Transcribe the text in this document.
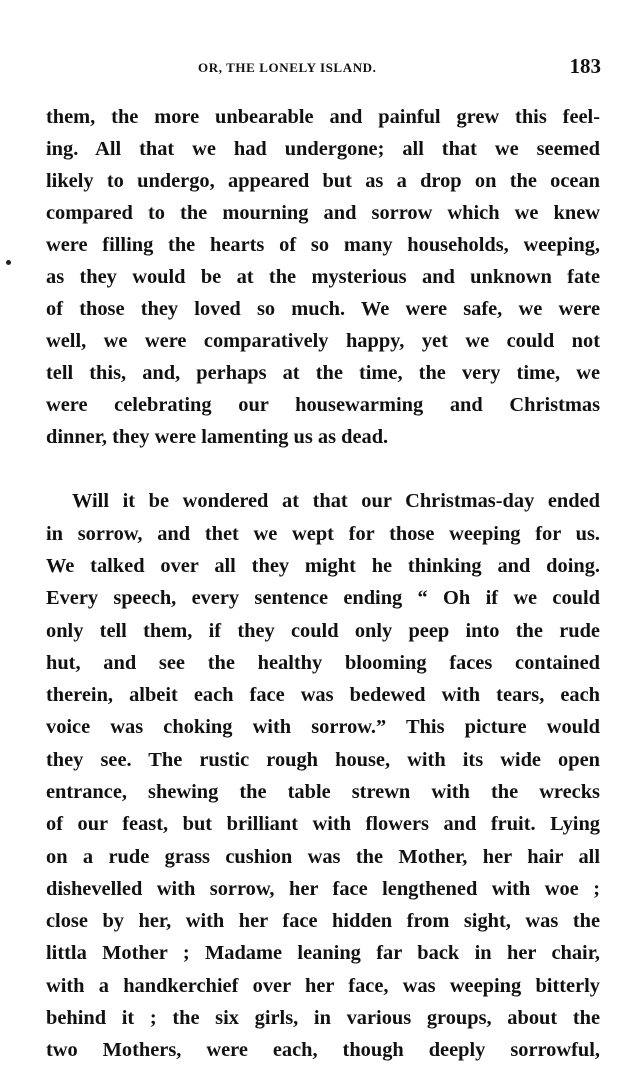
OR, THE LONELY ISLAND.	183
them, the more unbearable and painful grew this feel-
ing. All that we had undergone; all that we seemed
likely to undergo, appeared but as a drop on the ocean
compared to the mourning and sorrow which we knew
were filling the hearts of so many households, weeping,
as they would be at the mysterious and unknown fate
of those they loved so much. We were safe, we were
well, we were comparatively happy, yet we could not
tell this, and, perhaps at the time, the very time, we
were celebrating our housewarming and Christmas
dinner, they were lamenting us as dead.
Will it be wondered at that our Christmas-day ended
in sorrow, and thet we wept for those weeping for us.
We talked over all they might he thinking and doing.
Every speech, every sentence ending “ Oh if we could
only tell them, if they could only peep into the rude
hut, and see the healthy blooming faces contained
therein, albeit each face was bedewed with tears, each
voice was choking with sorrow.” This picture would
they see. The rustic rough house, with its wide open
entrance, shewing the table strewn with the wrecks
of our feast, but brilliant with flowers and fruit. Lying
on a rude grass cushion was the Mother, her hair all
dishevelled with sorrow, her face lengthened with woe ;
close by her, with her face hidden from sight, was the
littla Mother ; Madame leaning far back in her chair,
with a handkerchief over her face, was weeping bitterly
behind it ; the six girls, in various groups, about the
two Mothers, were each, though deeply sorrowful,
